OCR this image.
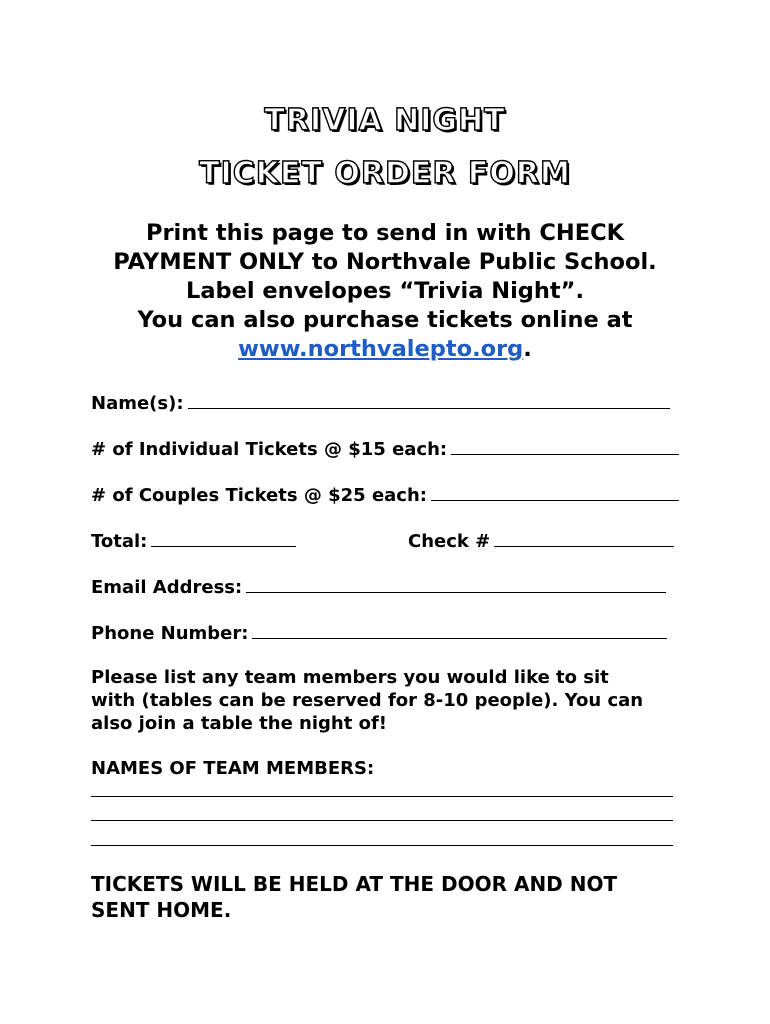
TRIVIA NIGHT
TICKET ORDER FORM
Print this page to send in with CHECK
PAYMENT ONLY to Northvale Public School.
Label envelopes “Trivia Night”.
You can also purchase tickets online at
www.northvalepto.org.
Name(s):
# of Individual Tickets @ $15 each:
# of Couples Tickets @ $25 each:
Total:	Check #
Email Address:
Phone Number:
Please list any team members you would like to sit
with (tables can be reserved for 8-10 people). You can
also join a table the night of!
NAMES OF TEAM MEMBERS:
TICKETS WILL BE HELD AT THE DOOR AND NOT
SENT HOME.
